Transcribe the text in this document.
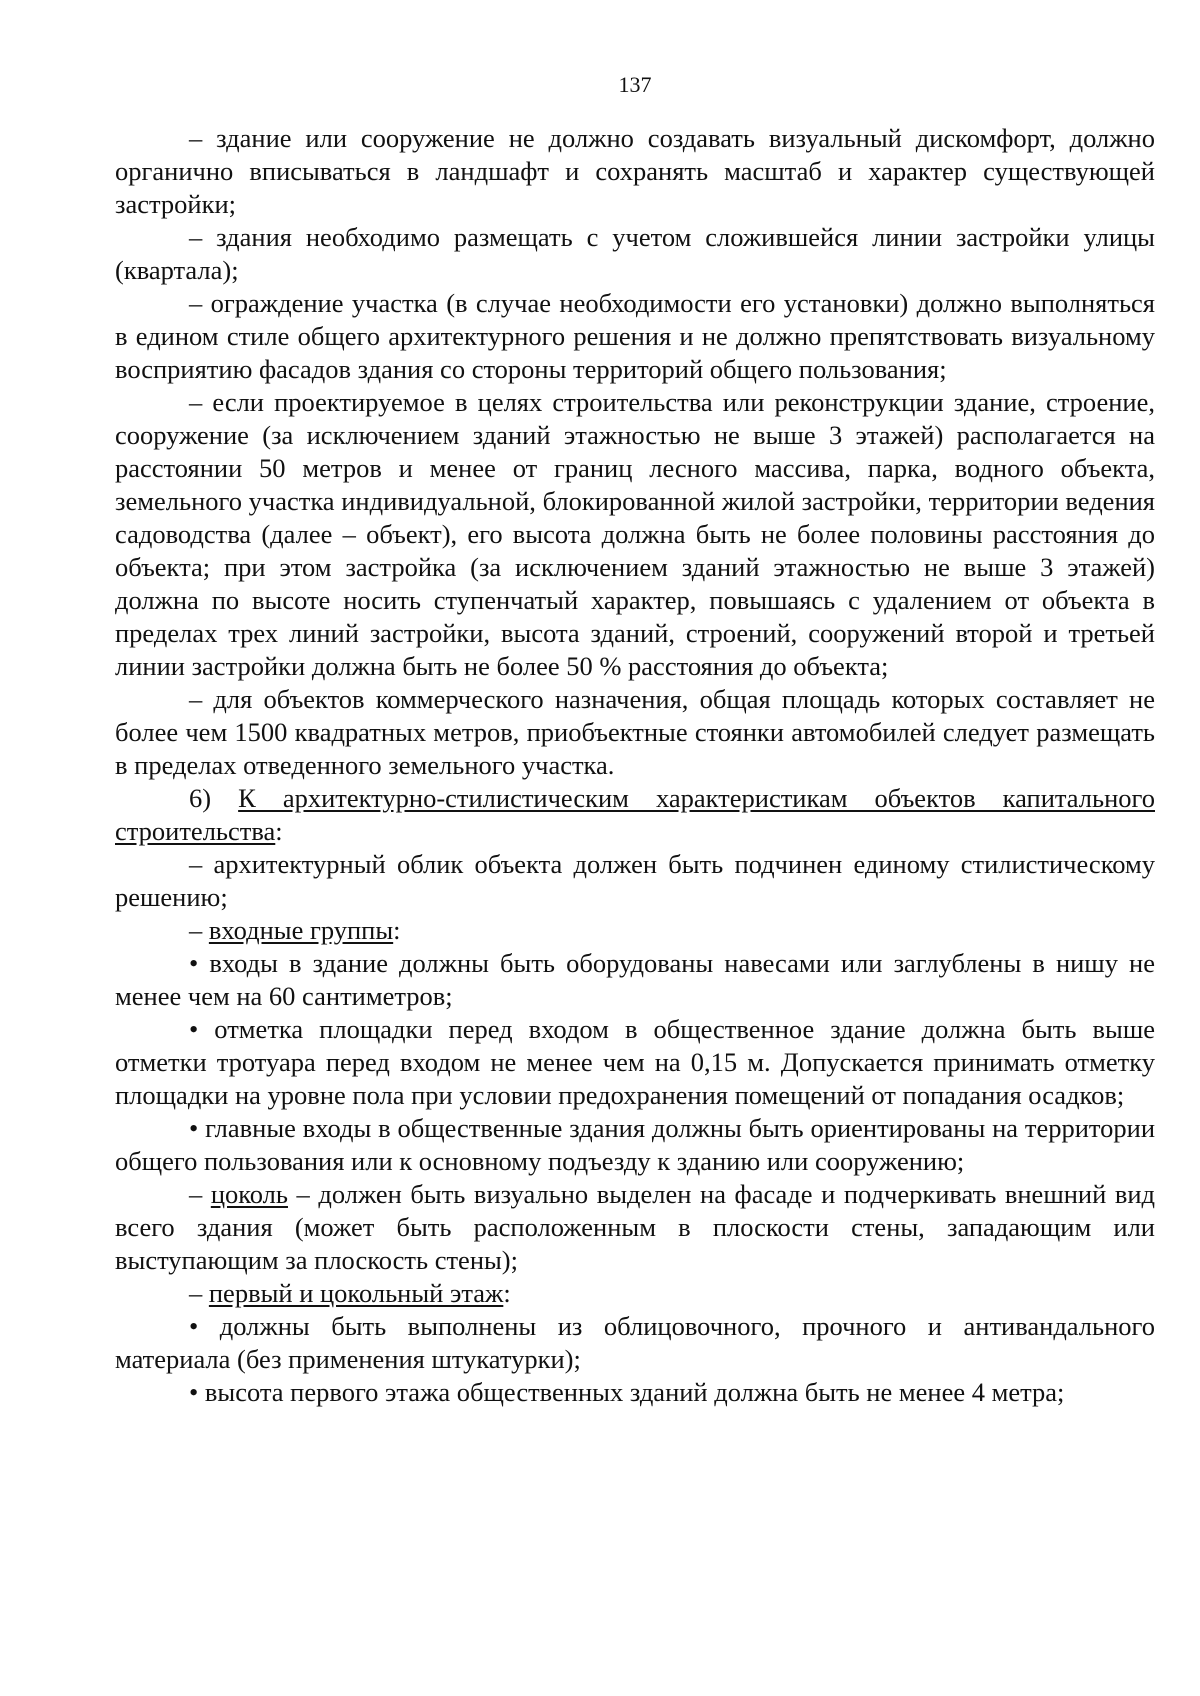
137

– здание или сооружение не должно создавать визуальный дискомфорт, должно органично вписываться в ландшафт и сохранять масштаб и характер существующей застройки;

– здания необходимо размещать с учетом сложившейся линии застройки улицы (квартала);

– ограждение участка (в случае необходимости его установки) должно выполняться в едином стиле общего архитектурного решения и не должно препятствовать визуальному восприятию фасадов здания со стороны территорий общего пользования;

– если проектируемое в целях строительства или реконструкции здание, строение, сооружение (за исключением зданий этажностью не выше 3 этажей) располагается на расстоянии 50 метров и менее от границ лесного массива, парка, водного объекта, земельного участка индивидуальной, блокированной жилой застройки, территории ведения садоводства (далее – объект), его высота должна быть не более половины расстояния до объекта; при этом застройка (за исключением зданий этажностью не выше 3 этажей) должна по высоте носить ступенчатый характер, повышаясь с удалением от объекта в пределах трех линий застройки, высота зданий, строений, сооружений второй и третьей линии застройки должна быть не более 50 % расстояния до объекта;

– для объектов коммерческого назначения, общая площадь которых составляет не более чем 1500 квадратных метров, приобъектные стоянки автомобилей следует размещать в пределах отведенного земельного участка.

6) К архитектурно-стилистическим характеристикам объектов капитального строительства:

– архитектурный облик объекта должен быть подчинен единому стилистическому решению;

– входные группы:

• входы в здание должны быть оборудованы навесами или заглублены в нишу не менее чем на 60 сантиметров;

• отметка площадки перед входом в общественное здание должна быть выше отметки тротуара перед входом не менее чем на 0,15 м. Допускается принимать отметку площадки на уровне пола при условии предохранения помещений от попадания осадков;

• главные входы в общественные здания должны быть ориентированы на территории общего пользования или к основному подъезду к зданию или сооружению;

– цоколь – должен быть визуально выделен на фасаде и подчеркивать внешний вид всего здания (может быть расположенным в плоскости стены, западающим или выступающим за плоскость стены);

– первый и цокольный этаж:

• должны быть выполнены из облицовочного, прочного и антивандального материала (без применения штукатурки);

• высота первого этажа общественных зданий должна быть не менее 4 метра;
